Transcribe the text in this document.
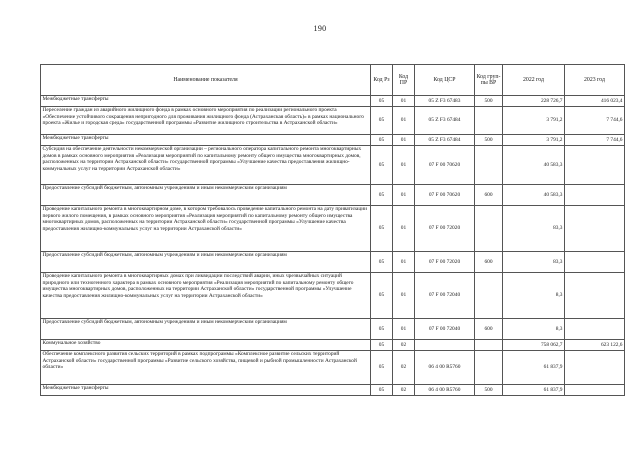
190
Наименование показателя	Код Рз	Код ПР	Код ЦСР	Код груп-пы ВР	2022 год	2023 год
Межбюджетные трансферты	05	01	05 Z F3 67483	500	228 726,7	416 023,4
Переселение граждан из аварийного жилищного фонда в рамках основного мероприятия по реализации регионального проекта «Обеспечение устойчивого сокращения непригодного для проживания жилищного фонда (Астраханская область)» в рамках национального проекта «Жилье и городская среда» государственной программы «Развитие жилищного строительства в Астраханской области»	05	01	05 Z F3 67484		3 791,2	7 744,6
Межбюджетные трансферты	05	01	05 Z F3 67484	500	3 791,2	7 744,6
Субсидия на обеспечение деятельности некоммерческой организации – регионального оператора капитального ремонта многоквартирных домов в рамках основного мероприятия «Реализация мероприятий по капитальному ремонту общего имущества многоквартирных домов, расположенных на территории Астраханской области» государственной программы «Улучшение качества предоставления жилищно-коммунальных услуг на территории Астраханской области»	05	01	07 F 00 70620		40 583,3	
Предоставление субсидий бюджетным, автономным учреждениям и иным некоммерческим организациям	05	01	07 F 00 70620	600	40 583,3	
Проведение капитального ремонта в многоквартирном доме, в котором требовалось проведение капитального ремонта на дату приватизации первого жилого помещения, в рамках основного мероприятия «Реализация мероприятий по капитальному ремонту общего имущества многоквартирных домов, расположенных на территории Астраханской области» государственной программы «Улучшение качества предоставления жилищно-коммунальных услуг на территории Астраханской области»	05	01	07 F 00 72020		83,3	
Предоставление субсидий бюджетным, автономным учреждениям и иным некоммерческим организациям	05	01	07 F 00 72020	600	83,3	
Проведение капитального ремонта в многоквартирных домах при ликвидации последствий аварии, иных чрезвычайных ситуаций природного или техногенного характера в рамках основного мероприятия «Реализация мероприятий по капитальному ремонту общего имущества многоквартирных домов, расположенных на территории Астраханской области» государственной программы «Улучшение качества предоставления жилищно-коммунальных услуг на территории Астраханской области»	05	01	07 F 00 72040		8,3	
Предоставление субсидий бюджетным, автономным учреждениям и иным некоммерческим организациям	05	01	07 F 00 72040	600	8,3	
Коммунальное хозяйство	05	02			758 062,7	623 122,6
Обеспечение комплексного развития сельских территорий в рамках подпрограммы «Комплексное развитие сельских территорий Астраханской области» государственной программы «Развитие сельского хозяйства, пищевой и рыбной промышленности Астраханской области»	05	02	06 4 00 R5760		61 837,9	
Межбюджетные трансферты	05	02	06 4 00 R5760	500	61 837,9	
